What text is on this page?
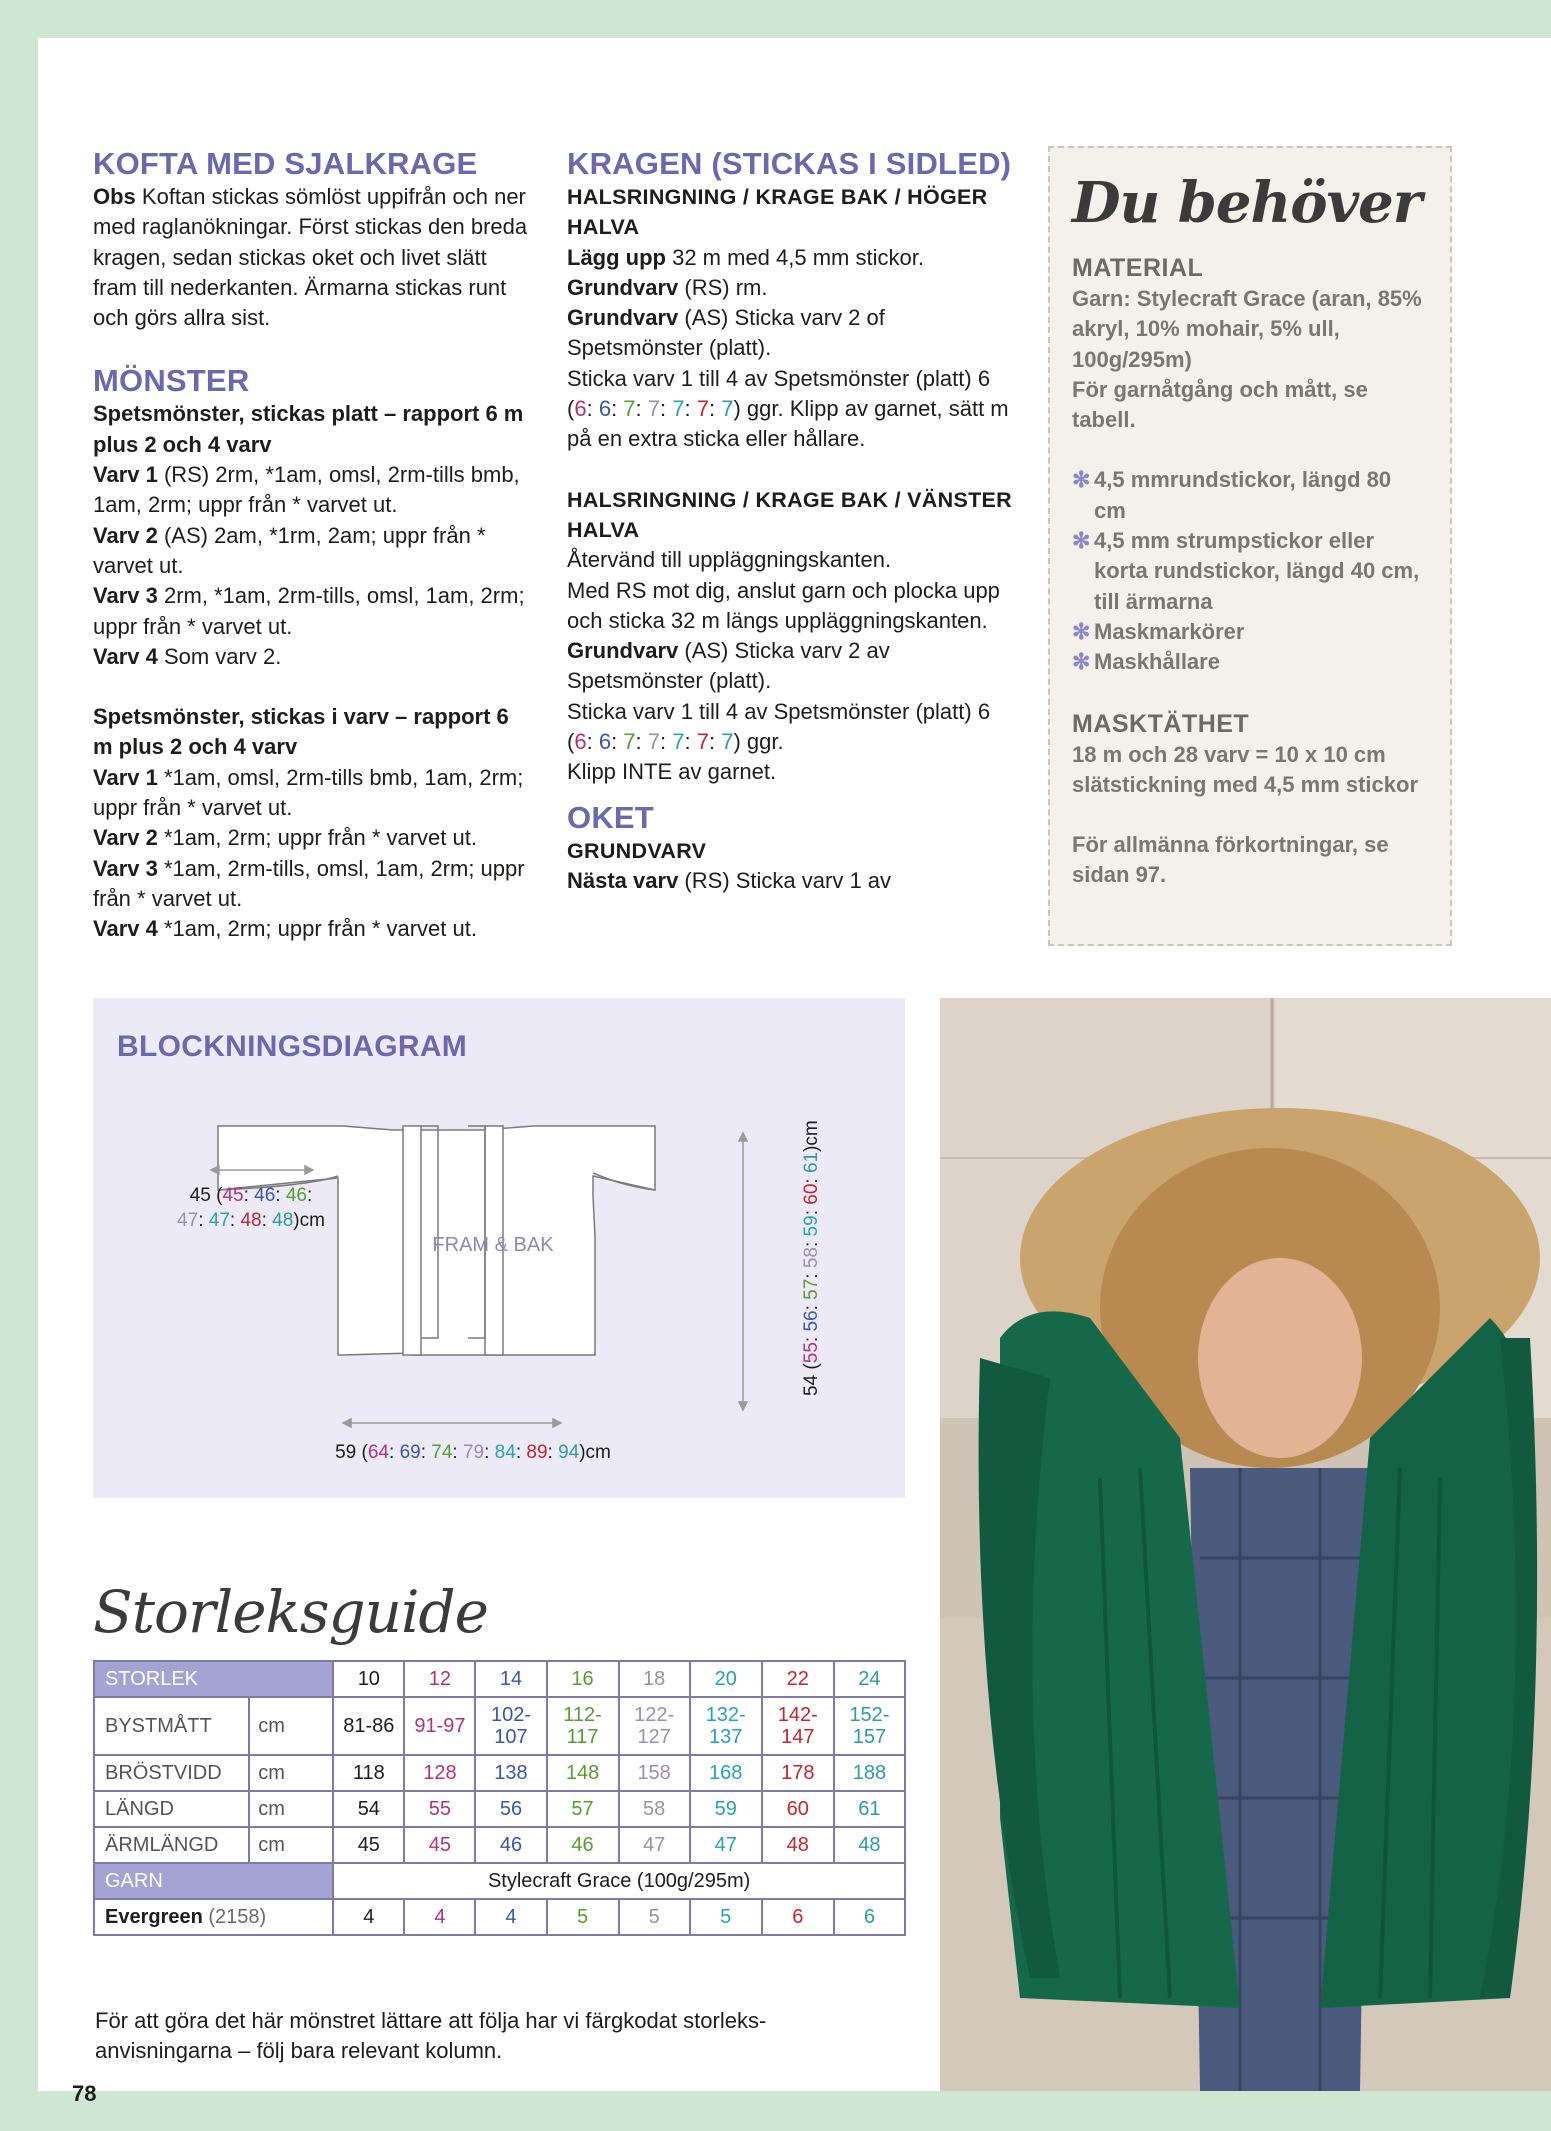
KOFTA MED SJALKRAGE

Obs Koftan stickas sömlöst uppifrån och ner med raglanökningar. Först stickas den breda kragen, sedan stickas oket och livet slätt fram till nederkanten. Ärmarna stickas runt och görs allra sist.

MÖNSTER

Spetsmönster, stickas platt – rapport 6 m plus 2 och 4 varv

Varv 1 (RS) 2rm, *1am, omsl, 2rm-tills bmb, 1am, 2rm; uppr från * varvet ut.

Varv 2 (AS) 2am, *1rm, 2am; uppr från * varvet ut.

Varv 3 2rm, *1am, 2rm-tills, omsl, 1am, 2rm; uppr från * varvet ut.

Varv 4 Som varv 2.

Spetsmönster, stickas i varv – rapport 6 m plus 2 och 4 varv

Varv 1 *1am, omsl, 2rm-tills bmb, 1am, 2rm; uppr från * varvet ut.

Varv 2 *1am, 2rm; uppr från * varvet ut.

Varv 3 *1am, 2rm-tills, omsl, 1am, 2rm; uppr från * varvet ut.

Varv 4 *1am, 2rm; uppr från * varvet ut.

KRAGEN (STICKAS I SIDLED)

HALSRINGNING / KRAGE BAK / HÖGER HALVA

Lägg upp 32 m med 4,5 mm stickor.

Grundvarv (RS) rm.

Grundvarv (AS) Sticka varv 2 of Spetsmönster (platt).

Sticka varv 1 till 4 av Spetsmönster (platt) 6 (6: 6: 7: 7: 7: 7: 7) ggr. Klipp av garnet, sätt m på en extra sticka eller hållare.

HALSRINGNING / KRAGE BAK / VÄNSTER HALVA

Återvänd till uppläggningskanten.

Med RS mot dig, anslut garn och plocka upp och sticka 32 m längs uppläggningskanten.

Grundvarv (AS) Sticka varv 2 av Spetsmönster (platt).

Sticka varv 1 till 4 av Spetsmönster (platt) 6 (6: 6: 7: 7: 7: 7: 7) ggr.

Klipp INTE av garnet.

OKET

GRUNDVARV

Nästa varv (RS) Sticka varv 1 av

Du behöver

MATERIAL

Garn: Stylecraft Grace (aran, 85% akryl, 10% mohair, 5% ull, 100g/295m)

För garnåtgång och mått, se tabell.

✻ 4,5 mmrundstickor, längd 80 cm
✻ 4,5 mm strumpstickor eller korta rundstickor, längd 40 cm, till ärmarna
✻ Maskmarkörer
✻ Maskhållare
MASKTÄTHET

18 m och 28 varv = 10 x 10 cm slätstickning med 4,5 mm stickor

För allmänna förkortningar, se sidan 97.

BLOCKNINGSDIAGRAM
FRAM & BAK
45 (45: 46: 46:
47: 47: 48: 48)cm
59 (64: 69: 74: 79: 84: 89: 94)cm
54 (55: 56: 57: 58: 59: 60: 61)cm
Storleksguide
STORLEK		10	12	14	16	18	20	22	24
BYSTMÅTT	cm	81-86	91-97	102-107	112-117	122-127	132-137	142-147	152-157
BRÖSTVIDD	cm	118	128	138	148	158	168	178	188
LÄNGD	cm	54	55	56	57	58	59	60	61
ÄRMLÄNGD	cm	45	45	46	46	47	47	48	48
GARN		Stylecraft Grace (100g/295m)							
Evergreen (2158)		4	4	4	5	5	5	6	6
För att göra det här mönstret lättare att följa har vi färgkodat storleks-anvisningarna – följ bara relevant kolumn.
78
